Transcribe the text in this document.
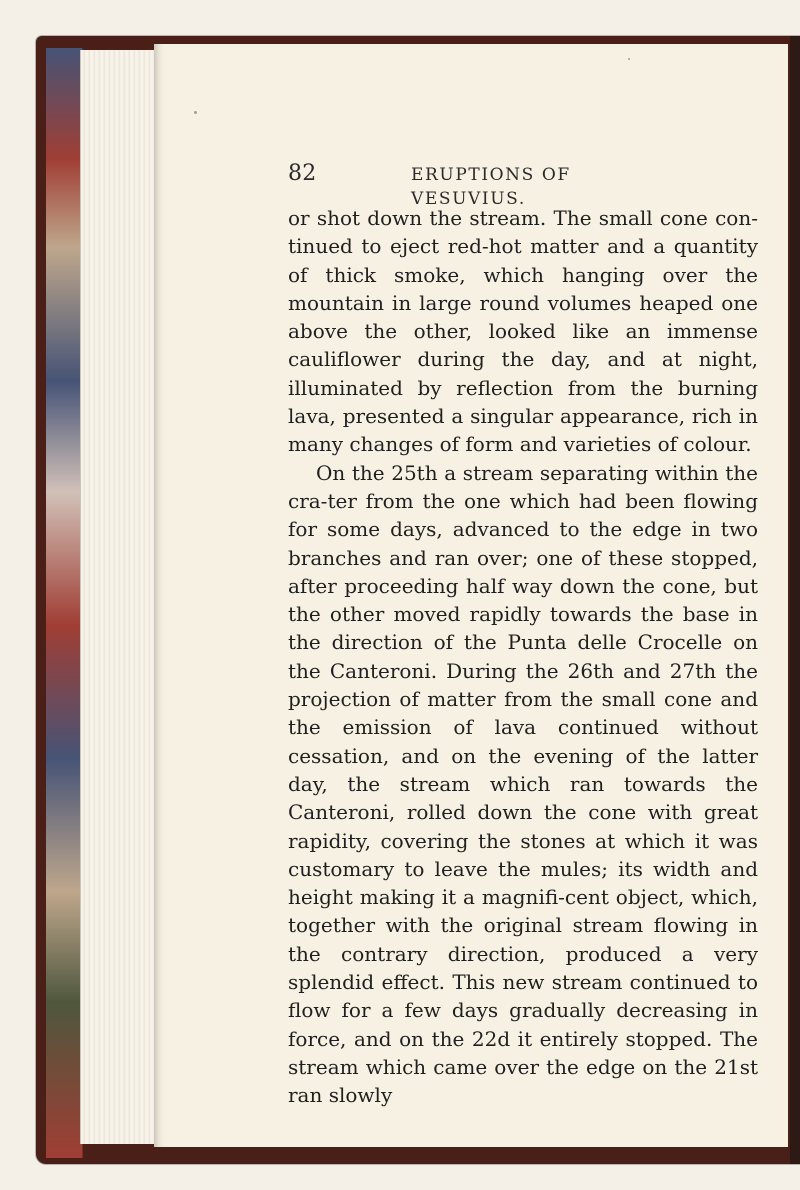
82	ERUPTIONS OF VESUVIUS.

or shot down the stream. The small cone con-tinued to eject red-hot matter and a quantity of thick smoke, which hanging over the mountain in large round volumes heaped one above the other, looked like an immense cauliflower during the day, and at night, illuminated by reflection from the burning lava, presented a singular appearance, rich in many changes of form and varieties of colour.

On the 25th a stream separating within the cra-ter from the one which had been flowing for some days, advanced to the edge in two branches and ran over; one of these stopped, after proceeding half way down the cone, but the other moved rapidly towards the base in the direction of the Punta delle Crocelle on the Canteroni. During the 26th and 27th the projection of matter from the small cone and the emission of lava continued without cessation, and on the evening of the latter day, the stream which ran towards the Canteroni, rolled down the cone with great rapidity, covering the stones at which it was customary to leave the mules; its width and height making it a magnifi-cent object, which, together with the original stream flowing in the contrary direction, produced a very splendid effect. This new stream continued to flow for a few days gradually decreasing in force, and on the 22d it entirely stopped. The stream which came over the edge on the 21st ran slowly
